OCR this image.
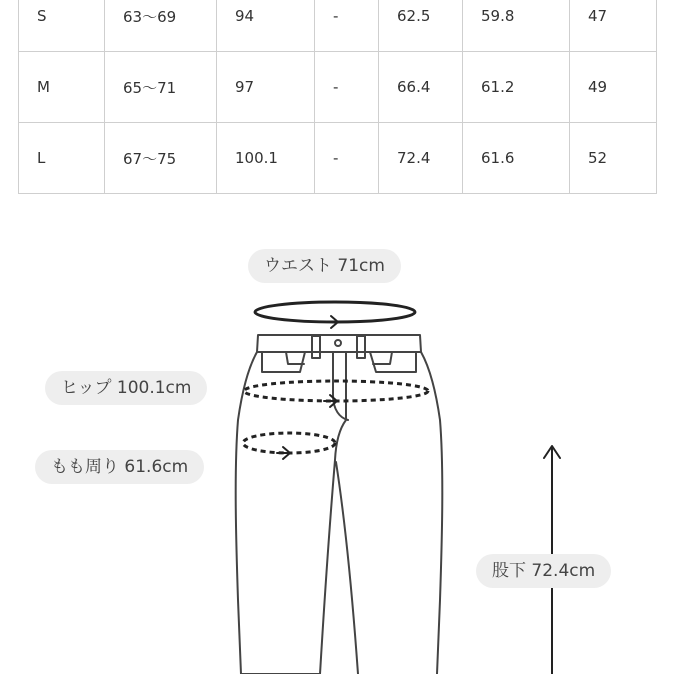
S	63〜69	94	-	62.5	59.8	47
M	65〜71	97	-	66.4	61.2	49
L	67〜75	100.1	-	72.4	61.6	52
ウエスト 71cm
ヒップ 100.1cm
もも周り 61.6cm
股下 72.4cm
